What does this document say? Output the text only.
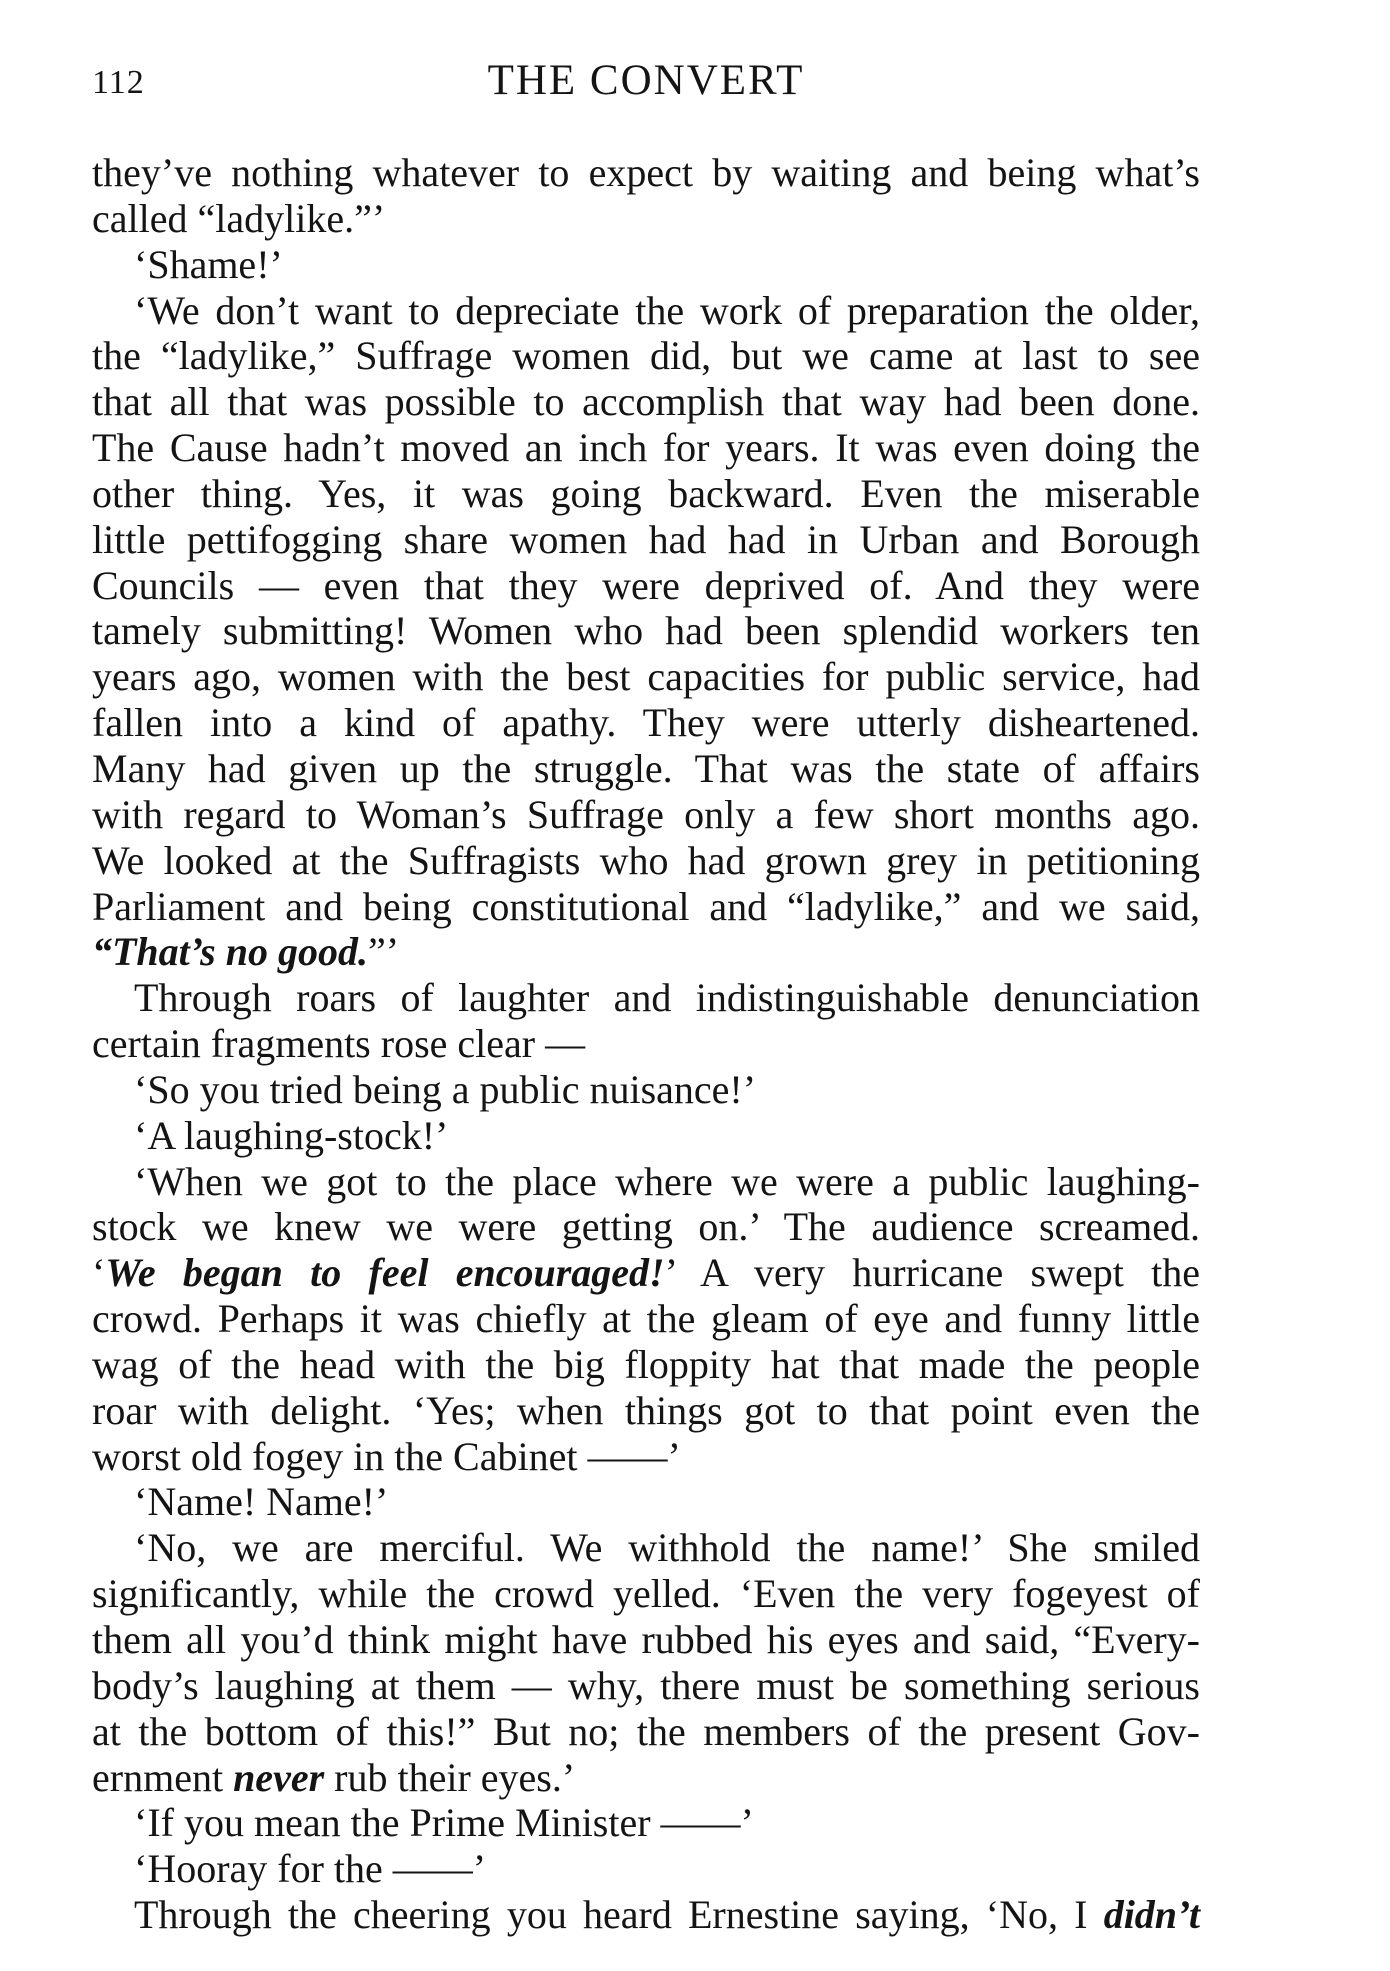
112	THE CONVERT
they’ve nothing whatever to expect by waiting and being what’s
called “ladylike.”’
‘Shame!’
‘We don’t want to depreciate the work of preparation the older,
the “ladylike,” Suffrage women did, but we came at last to see
that all that was possible to accomplish that way had been done.
The Cause hadn’t moved an inch for years. It was even doing the
other thing. Yes, it was going backward. Even the miserable
little pettifogging share women had had in Urban and Borough
Councils — even that they were deprived of. And they were
tamely submitting! Women who had been splendid workers ten
years ago, women with the best capacities for public service, had
fallen into a kind of apathy. They were utterly disheartened.
Many had given up the struggle. That was the state of affairs
with regard to Woman’s Suffrage only a few short months ago.
We looked at the Suffragists who had grown grey in petitioning
Parliament and being constitutional and “ladylike,” and we said,
“That’s no good.”’
Through roars of laughter and indistinguishable denunciation
certain fragments rose clear —
‘So you tried being a public nuisance!’
‘A laughing-stock!’
‘When we got to the place where we were a public laughing-
stock we knew we were getting on.’ The audience screamed.
‘We began to feel encouraged!’ A very hurricane swept the
crowd. Perhaps it was chiefly at the gleam of eye and funny little
wag of the head with the big floppity hat that made the people
roar with delight. ‘Yes; when things got to that point even the
worst old fogey in the Cabinet ——’
‘Name! Name!’
‘No, we are merciful. We withhold the name!’ She smiled
significantly, while the crowd yelled. ‘Even the very fogeyest of
them all you’d think might have rubbed his eyes and said, “Every-
body’s laughing at them — why, there must be something serious
at the bottom of this!” But no; the members of the present Gov-
ernment never rub their eyes.’
‘If you mean the Prime Minister ——’
‘Hooray for the ——’
Through the cheering you heard Ernestine saying, ‘No, I didn’t
